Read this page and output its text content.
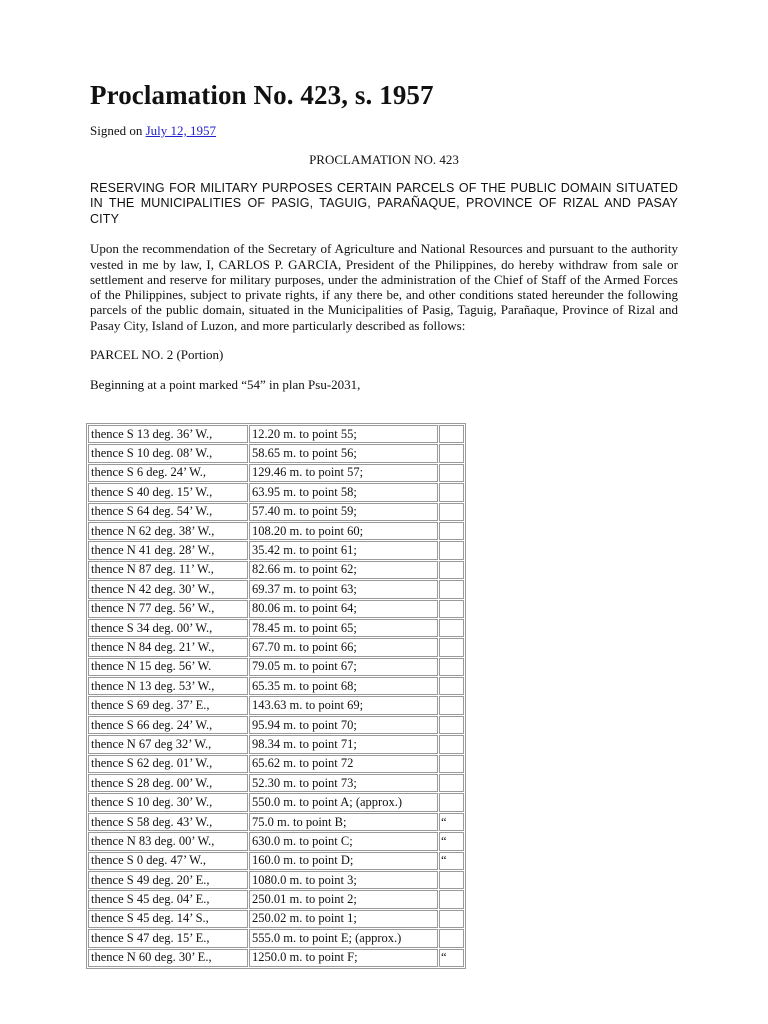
Proclamation No. 423, s. 1957
Signed on July 12, 1957
PROCLAMATION NO. 423
RESERVING FOR MILITARY PURPOSES CERTAIN PARCELS OF THE PUBLIC DOMAIN SITUATED IN THE MUNICIPALITIES OF PASIG, TAGUIG, PARAÑAQUE, PROVINCE OF RIZAL AND PASAY CITY
Upon the recommendation of the Secretary of Agriculture and National Resources and pursuant to the authority vested in me by law, I, CARLOS P. GARCIA, President of the Philippines, do hereby withdraw from sale or settlement and reserve for military purposes, under the administration of the Chief of Staff of the Armed Forces of the Philippines, subject to private rights, if any there be, and other conditions stated hereunder the following parcels of the public domain, situated in the Municipalities of Pasig, Taguig, Parañaque, Province of Rizal and Pasay City, Island of Luzon, and more particularly described as follows:
PARCEL NO. 2 (Portion)
Beginning at a point marked “54” in plan Psu-2031,
thence S 13 deg. 36’ W.,	12.20 m. to point 55;	
thence S 10 deg. 08’ W.,	58.65 m. to point 56;	
thence S 6 deg. 24’ W.,	129.46 m. to point 57;	
thence S 40 deg. 15’ W.,	63.95 m. to point 58;	
thence S 64 deg. 54’ W.,	57.40 m. to point 59;	
thence N 62 deg. 38’ W.,	108.20 m. to point 60;	
thence N 41 deg. 28’ W.,	35.42 m. to point 61;	
thence N 87 deg. 11’ W.,	82.66 m. to point 62;	
thence N 42 deg. 30’ W.,	69.37 m. to point 63;	
thence N 77 deg. 56’ W.,	80.06 m. to point 64;	
thence S 34 deg. 00’ W.,	78.45 m. to point 65;	
thence N 84 deg. 21’ W.,	67.70 m. to point 66;	
thence N 15 deg. 56’ W.	79.05 m. to point 67;	
thence N 13 deg. 53’ W.,	65.35 m. to point 68;	
thence S 69 deg. 37’ E.,	143.63 m. to point 69;	
thence S 66 deg. 24’ W.,	95.94 m. to point 70;	
thence N 67 deg 32’ W.,	98.34 m. to point 71;	
thence S 62 deg. 01’ W.,	65.62 m. to point 72	
thence S 28 deg. 00’ W.,	52.30 m. to point 73;	
thence S 10 deg. 30’ W.,	550.0 m. to point A; (approx.)	
thence S 58 deg. 43’ W.,	75.0 m. to point B;	“
thence N 83 deg. 00’ W.,	630.0 m. to point C;	“
thence S 0 deg. 47’ W.,	160.0 m. to point D;	“
thence S 49 deg. 20’ E.,	1080.0 m. to point 3;	
thence S 45 deg. 04’ E.,	250.01 m. to point 2;	
thence S 45 deg. 14’ S.,	250.02 m. to point 1;	
thence S 47 deg. 15’ E.,	555.0 m. to point E; (approx.)	
thence N 60 deg. 30’ E.,	1250.0 m. to point F;	“
